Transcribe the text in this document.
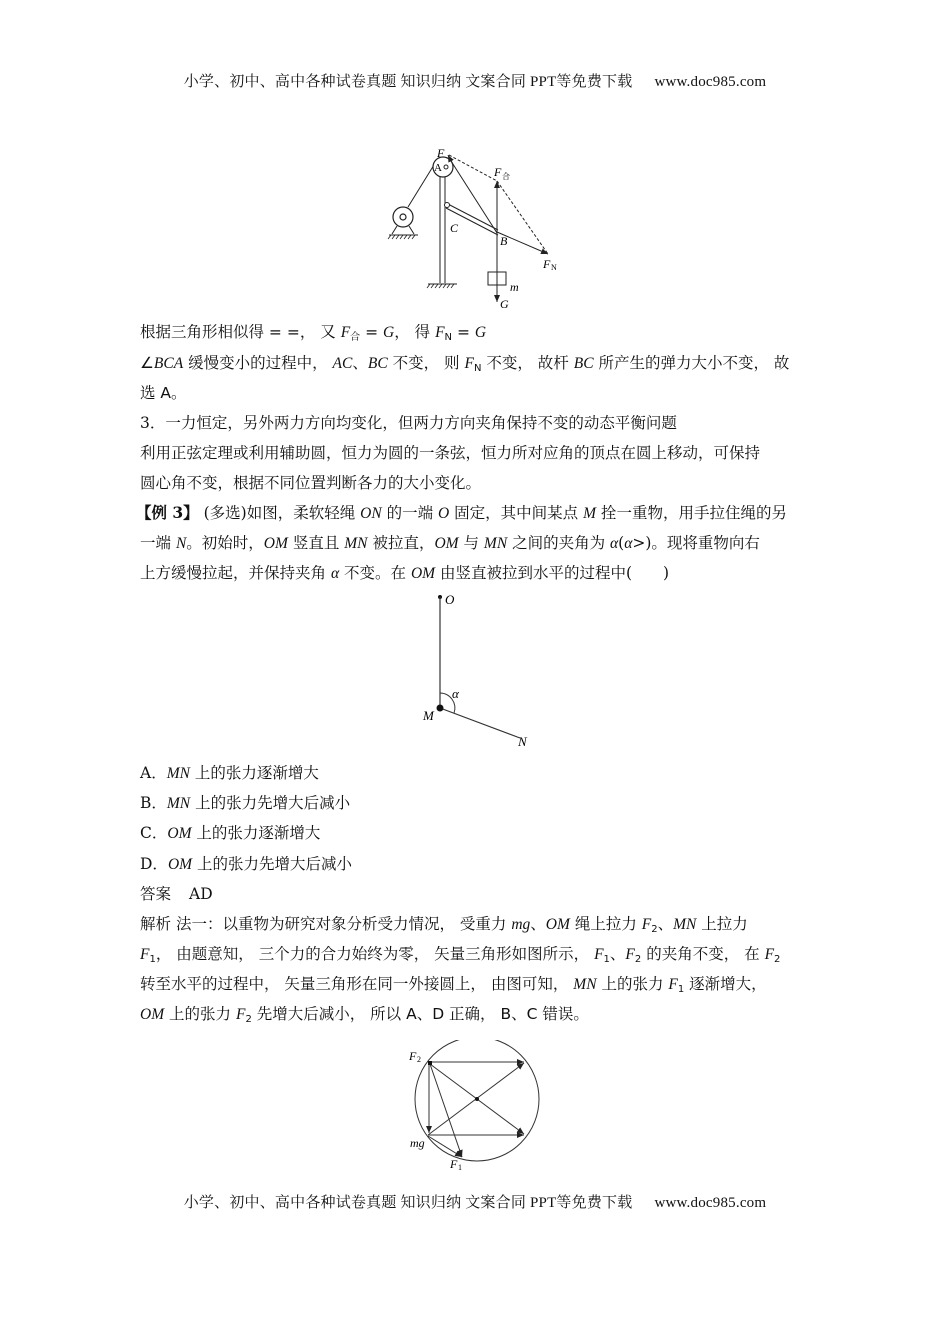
小学、初中、高中各种试卷真题 知识归纳 文案合同 PPT等免费下载 www.doc985.com
F
A	F 合
C
B
F N
m
G
根据三角形相似得 = =， 又 $F_合 = G$， 得 $F_N = G$
∠BCA 缓慢变小的过程中， AC、BC 不变， 则 $F_N$ 不变， 故杆 BC 所产生的弹力大小不变， 故
选 A。
3．一力恒定，另外两力方向均变化，但两力方向夹角保持不变的动态平衡问题
利用正弦定理或利用辅助圆，恒力为圆的一条弦，恒力所对应角的顶点在圆上移动，可保持
圆心角不变，根据不同位置判断各力的大小变化。
【例 3】 (多选)如图，柔软轻绳 ON 的一端 O 固定，其中间某点 M 拴一重物，用手拉住绳的另
一端 N。初始时，OM 竖直且 MN 被拉直，OM 与 MN 之间的夹角为 α(α>)。现将重物向右
上方缓慢拉起，并保持夹角 α 不变。在 OM 由竖直被拉到水平的过程中(　　)
O
M
N
α
A．MN 上的张力逐渐增大
B．MN 上的张力先增大后减小
C．OM 上的张力逐渐增大
D．OM 上的张力先增大后减小
答案 AD
解析 法一：以重物为研究对象分析受力情况， 受重力 mg、OM 绳上拉力 $F_2$、MN 上拉力
$F_1$， 由题意知， 三个力的合力始终为零， 矢量三角形如图所示， $F_1$、$F_2$ 的夹角不变， 在 $F_2$
转至水平的过程中， 矢量三角形在同一外接圆上， 由图可知， MN 上的张力 $F_1$ 逐渐增大，
OM 上的张力 $F_2$ 先增大后减小， 所以 A、D 正确， B、C 错误。
F 2
mg
F 1
小学、初中、高中各种试卷真题 知识归纳 文案合同 PPT等免费下载 www.doc985.com
